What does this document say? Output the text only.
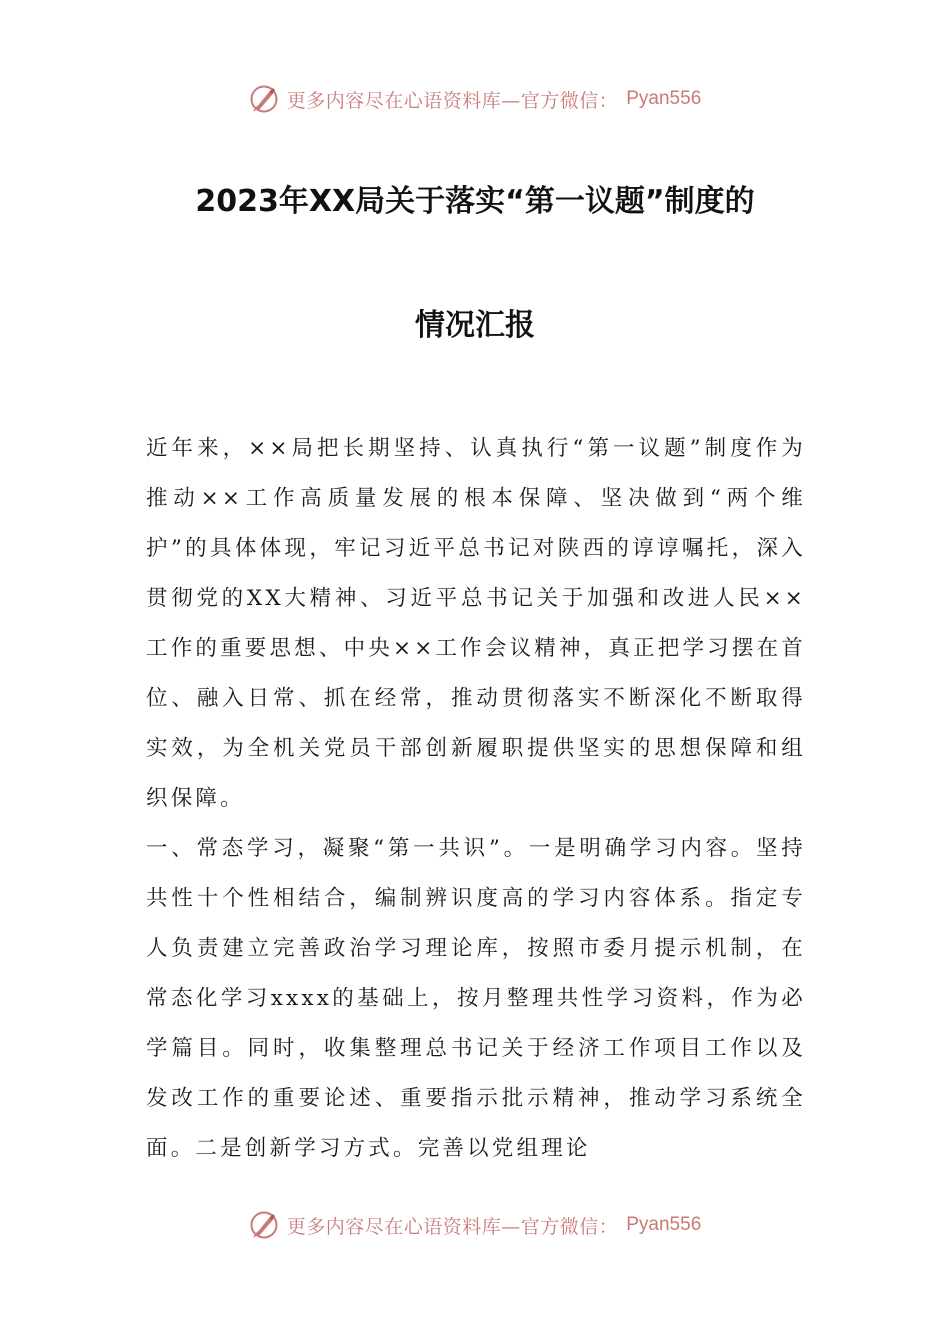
更多内容尽在心语资料库—官方微信： Pyan556
2023年XX局关于落实“第一议题”制度的
情况汇报

近年来，××局把长期坚持、认真执行“第一议题”制度作为推动××工作高质量发展的根本保障、坚决做到“两个维护”的具体体现，牢记习近平总书记对陕西的谆谆嘱托，深入贯彻党的XX大精神、习近平总书记关于加强和改进人民××工作的重要思想、中央××工作会议精神，真正把学习摆在首位、融入日常、抓在经常，推动贯彻落实不断深化不断取得实效，为全机关党员干部创新履职提供坚实的思想保障和组织保障。

一、常态学习，凝聚“第一共识”。一是明确学习内容。坚持共性十个性相结合，编制辨识度高的学习内容体系。指定专人负责建立完善政治学习理论库，按照市委月提示机制，在常态化学习xxxx的基础上，按月整理共性学习资料，作为必学篇目。同时，收集整理总书记关于经济工作项目工作以及发改工作的重要论述、重要指示批示精神，推动学习系统全面。二是创新学习方式。完善以党组理论

更多内容尽在心语资料库—官方微信： Pyan556
